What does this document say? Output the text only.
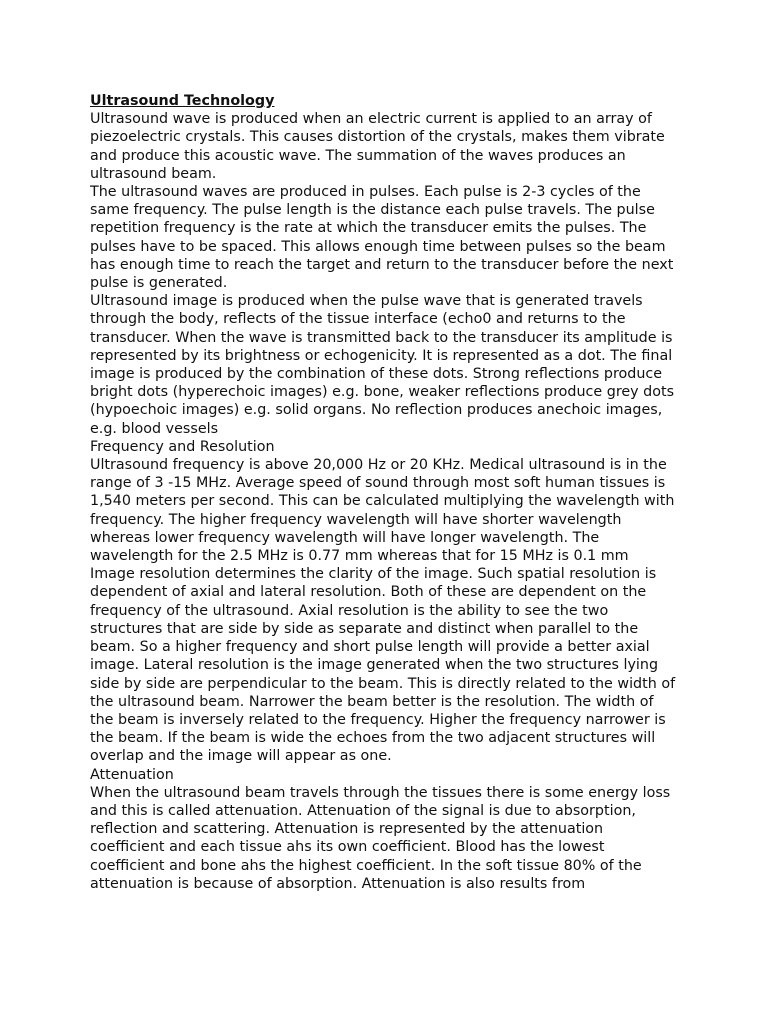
Ultrasound Technology

Ultrasound wave is produced when an electric current is applied to an array of piezoelectric crystals. This causes distortion of the crystals, makes them vibrate and produce this acoustic wave. The summation of the waves produces an ultrasound beam.

The ultrasound waves are produced in pulses. Each pulse is 2-3 cycles of the same frequency. The pulse length is the distance each pulse travels. The pulse repetition frequency is the rate at which the transducer emits the pulses. The pulses have to be spaced. This allows enough time between pulses so the beam has enough time to reach the target and return to the transducer before the next pulse is generated.

Ultrasound image is produced when the pulse wave that is generated travels through the body, reflects of the tissue interface (echo0 and returns to the transducer. When the wave is transmitted back to the transducer its amplitude is represented by its brightness or echogenicity. It is represented as a dot. The final image is produced by the combination of these dots. Strong reflections produce bright dots (hyperechoic images) e.g. bone, weaker reflections produce grey dots (hypoechoic images) e.g. solid organs. No reflection produces anechoic images, e.g. blood vessels

Frequency and Resolution

Ultrasound frequency is above 20,000 Hz or 20 KHz. Medical ultrasound is in the range of 3 -15 MHz. Average speed of sound through most soft human tissues is 1,540 meters per second. This can be calculated multiplying the wavelength with frequency. The higher frequency wavelength will have shorter wavelength whereas lower frequency wavelength will have longer wavelength. The wavelength for the 2.5 MHz is 0.77 mm whereas that for 15 MHz is 0.1 mm

Image resolution determines the clarity of the image. Such spatial resolution is dependent of axial and lateral resolution. Both of these are dependent on the frequency of the ultrasound. Axial resolution is the ability to see the two structures that are side by side as separate and distinct when parallel to the beam. So a higher frequency and short pulse length will provide a better axial image. Lateral resolution is the image generated when the two structures lying side by side are perpendicular to the beam. This is directly related to the width of the ultrasound beam. Narrower the beam better is the resolution. The width of the beam is inversely related to the frequency. Higher the frequency narrower is the beam. If the beam is wide the echoes from the two adjacent structures will overlap and the image will appear as one.

Attenuation

When the ultrasound beam travels through the tissues there is some energy loss and this is called attenuation. Attenuation of the signal is due to absorption, reflection and scattering. Attenuation is represented by the attenuation coefficient and each tissue ahs its own coefficient. Blood has the lowest coefficient and bone ahs the highest coefficient. In the soft tissue 80% of the attenuation is because of absorption. Attenuation is also results from
